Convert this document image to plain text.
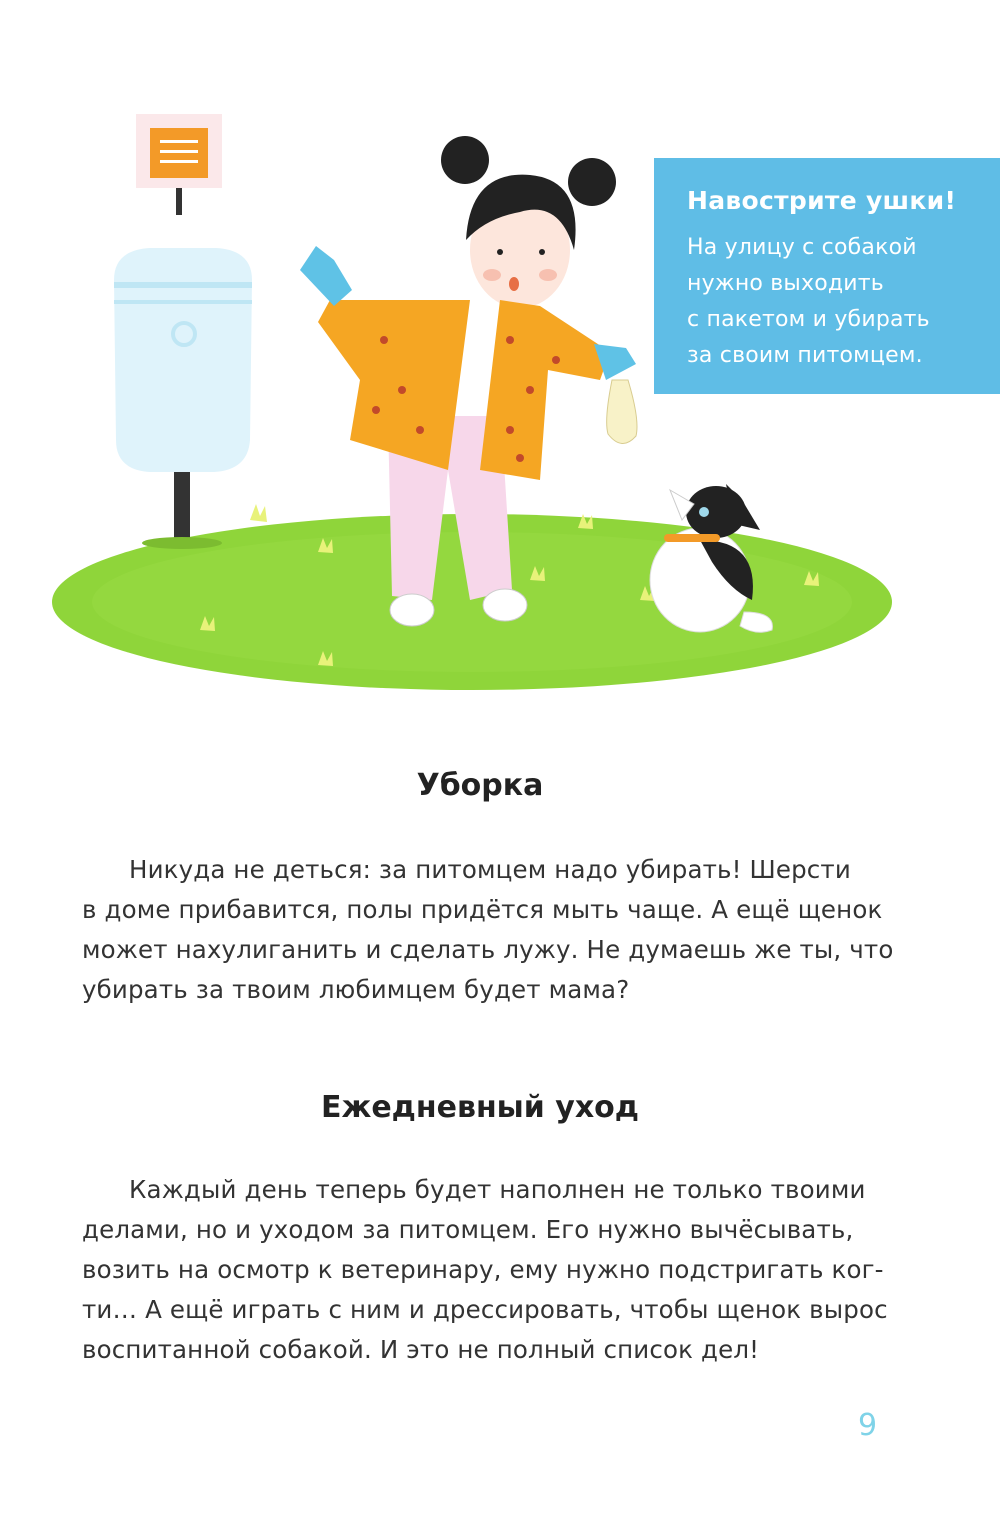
Навострите ушки!
На улицу с собакой
нужно выходить
с пакетом и убирать
за своим питомцем.
Уборка
Никуда не деться: за питомцем надо убирать! Шерсти
в доме прибавится, полы придётся мыть чаще. А ещё щенок
может нахулиганить и сделать лужу. Не думаешь же ты, что
убирать за твоим любимцем будет мама?
Ежедневный уход
Каждый день теперь будет наполнен не только твоими
делами, но и уходом за питомцем. Его нужно вычёсывать,
возить на осмотр к ветеринару, ему нужно подстригать ког-
ти… А ещё играть с ним и дрессировать, чтобы щенок вырос
воспитанной собакой. И это не полный список дел!
9
